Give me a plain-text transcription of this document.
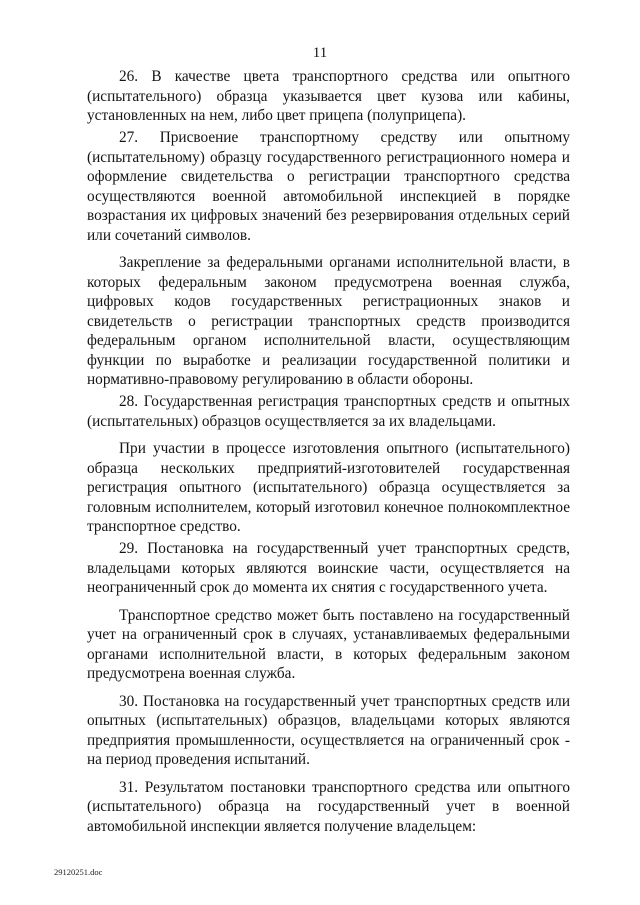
11

26. В качестве цвета транспортного средства или опытного (испытательного) образца указывается цвет кузова или кабины, установленных на нем, либо цвет прицепа (полуприцепа).

27. Присвоение транспортному средству или опытному (испытательному) образцу государственного регистрационного номера и оформление свидетельства о регистрации транспортного средства осуществляются военной автомобильной инспекцией в порядке возрастания их цифровых значений без резервирования отдельных серий или сочетаний символов.

Закрепление за федеральными органами исполнительной власти, в которых федеральным законом предусмотрена военная служба, цифровых кодов государственных регистрационных знаков и свидетельств о регистрации транспортных средств производится федеральным органом исполнительной власти, осуществляющим функции по выработке и реализации государственной политики и нормативно-правовому регулированию в области обороны.

28. Государственная регистрация транспортных средств и опытных (испытательных) образцов осуществляется за их владельцами.

При участии в процессе изготовления опытного (испытательного) образца нескольких предприятий-изготовителей государственная регистрация опытного (испытательного) образца осуществляется за головным исполнителем, который изготовил конечное полнокомплектное транспортное средство.

29. Постановка на государственный учет транспортных средств, владельцами которых являются воинские части, осуществляется на неограниченный срок до момента их снятия с государственного учета.

Транспортное средство может быть поставлено на государственный учет на ограниченный срок в случаях, устанавливаемых федеральными органами исполнительной власти, в которых федеральным законом предусмотрена военная служба.

30. Постановка на государственный учет транспортных средств или опытных (испытательных) образцов, владельцами которых являются предприятия промышленности, осуществляется на ограниченный срок - на период проведения испытаний.

31. Результатом постановки транспортного средства или опытного (испытательного) образца на государственный учет в военной автомобильной инспекции является получение владельцем:

29120251.doc
